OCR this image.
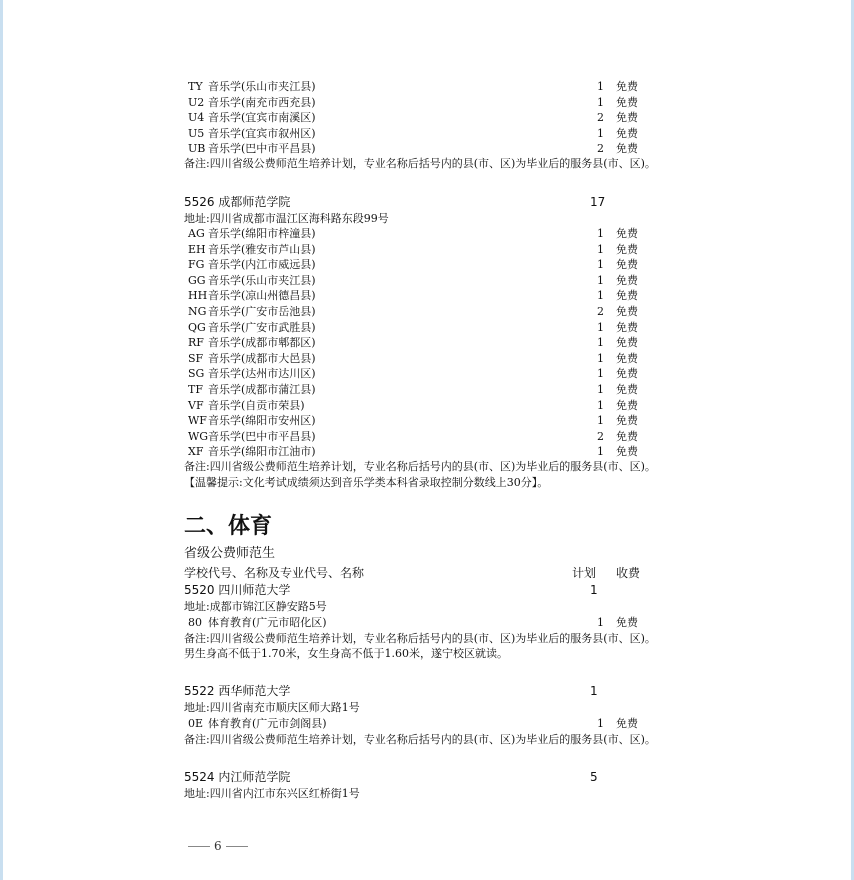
TY 音乐学(乐山市夹江县)	1	免费
U2 音乐学(南充市西充县)	1	免费
U4 音乐学(宜宾市南溪区)	2	免费
U5 音乐学(宜宾市叙州区)	1	免费
UB 音乐学(巴中市平昌县)	2	免费
备注:四川省级公费师范生培养计划，专业名称后括号内的县(市、区)为毕业后的服务县(市、区)。
5526 成都师范学院	17
地址:四川省成都市温江区海科路东段99号
AG 音乐学(绵阳市梓潼县)	1	免费
EH 音乐学(雅安市芦山县)	1	免费
FG 音乐学(内江市威远县)	1	免费
GG 音乐学(乐山市夹江县)	1	免费
HH 音乐学(凉山州德昌县)	1	免费
NG 音乐学(广安市岳池县)	2	免费
QG 音乐学(广安市武胜县)	1	免费
RF 音乐学(成都市郫都区)	1	免费
SF 音乐学(成都市大邑县)	1	免费
SG 音乐学(达州市达川区)	1	免费
TF 音乐学(成都市蒲江县)	1	免费
VF 音乐学(自贡市荣县)	1	免费
WF 音乐学(绵阳市安州区)	1	免费
WG 音乐学(巴中市平昌县)	2	免费
XF 音乐学(绵阳市江油市)	1	免费
备注:四川省级公费师范生培养计划，专业名称后括号内的县(市、区)为毕业后的服务县(市、区)。
【温馨提示:文化考试成绩须达到音乐学类本科省录取控制分数线上30分】。
二、体育
省级公费师范生
学校代号、名称及专业代号、名称	计划 收费
5520 四川师范大学	1
地址:成都市锦江区静安路5号
80 体育教育(广元市昭化区)	1	免费
备注:四川省级公费师范生培养计划，专业名称后括号内的县(市、区)为毕业后的服务县(市、区)。
男生身高不低于1.70米，女生身高不低于1.60米，遂宁校区就读。
5522 西华师范大学	1
地址:四川省南充市顺庆区师大路1号
0E 体育教育(广元市剑阁县)	1	免费
备注:四川省级公费师范生培养计划，专业名称后括号内的县(市、区)为毕业后的服务县(市、区)。
5524 内江师范学院	5
地址:四川省内江市东兴区红桥街1号
6
